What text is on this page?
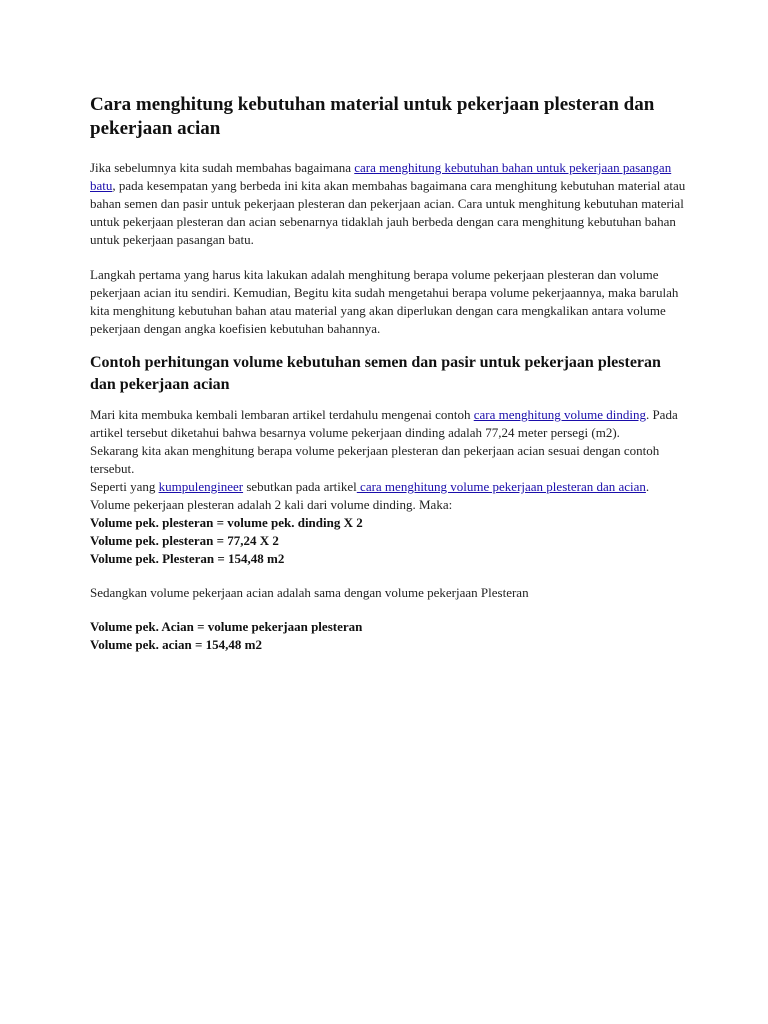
Cara menghitung kebutuhan material untuk pekerjaan plesteran dan pekerjaan acian

Jika sebelumnya kita sudah membahas bagaimana cara menghitung kebutuhan bahan untuk pekerjaan pasangan batu, pada kesempatan yang berbeda ini kita akan membahas bagaimana cara menghitung kebutuhan material atau bahan semen dan pasir untuk pekerjaan plesteran dan pekerjaan acian. Cara untuk menghitung kebutuhan material untuk pekerjaan plesteran dan acian sebenarnya tidaklah jauh berbeda dengan cara menghitung kebutuhan bahan untuk pekerjaan pasangan batu.

Langkah pertama yang harus kita lakukan adalah menghitung berapa volume pekerjaan plesteran dan volume pekerjaan acian itu sendiri. Kemudian, Begitu kita sudah mengetahui berapa volume pekerjaannya, maka barulah kita menghitung kebutuhan bahan atau material yang akan diperlukan dengan cara mengkalikan antara volume pekerjaan dengan angka koefisien kebutuhan bahannya.

Contoh perhitungan volume kebutuhan semen dan pasir untuk pekerjaan plesteran dan pekerjaan acian

Mari kita membuka kembali lembaran artikel terdahulu mengenai contoh cara menghitung volume dinding. Pada artikel tersebut diketahui bahwa besarnya volume pekerjaan dinding adalah 77,24 meter persegi (m2).
Sekarang kita akan menghitung berapa volume pekerjaan plesteran dan pekerjaan acian sesuai dengan contoh tersebut.
Seperti yang kumpulengineer sebutkan pada artikel cara menghitung volume pekerjaan plesteran dan acian. Volume pekerjaan plesteran adalah 2 kali dari volume dinding. Maka:
Volume pek. plesteran = volume pek. dinding X 2
Volume pek. plesteran = 77,24 X 2
Volume pek. Plesteran = 154,48 m2

Sedangkan volume pekerjaan acian adalah sama dengan volume pekerjaan Plesteran

Volume pek. Acian = volume pekerjaan plesteran
Volume pek. acian = 154,48 m2
